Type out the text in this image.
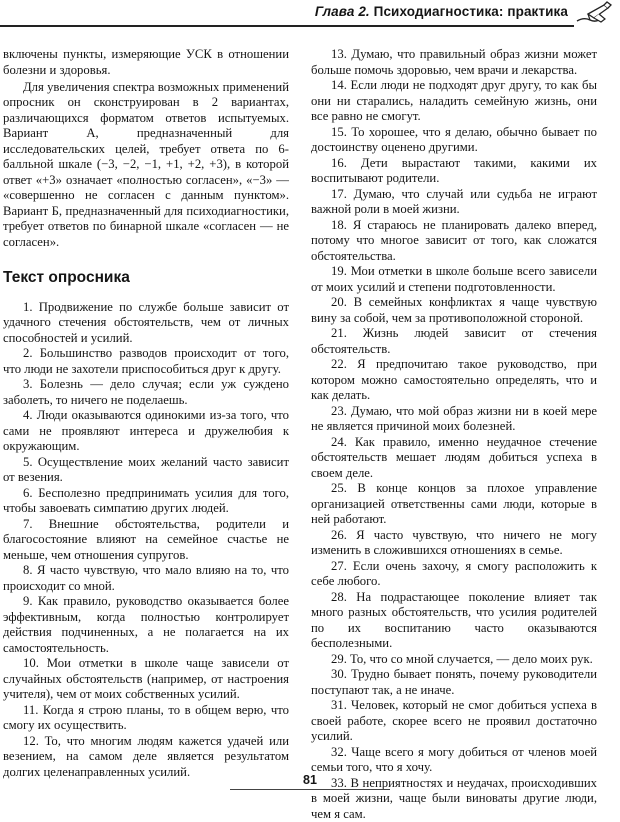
Глава 2. Психодиагностика: практика

включены пункты, измеряющие УСК в отношении болезни и здоровья.

Для увеличения спектра возможных применений опросник он сконструирован в 2 вариантах, различающихся форматом ответов испытуемых. Вариант А, предназначенный для исследовательских целей, требует ответа по 6-балльной шкале (−3, −2, −1, +1, +2, +3), в которой ответ «+3» означает «полностью согласен», «−3» — «совершенно не согласен с данным пунктом». Вариант Б, предназначенный для психодиагностики, требует ответов по бинарной шкале «согласен — не согласен».

Текст опросника

1. Продвижение по службе больше зависит от удачного стечения обстоятельств, чем от личных способностей и усилий.

2. Большинство разводов происходит от того, что люди не захотели приспособиться друг к другу.

3. Болезнь — дело случая; если уж суждено заболеть, то ничего не поделаешь.

4. Люди оказываются одинокими из-за того, что сами не проявляют интереса и дружелюбия к окружающим.

5. Осуществление моих желаний часто зависит от везения.

6. Бесполезно предпринимать усилия для того, чтобы завоевать симпатию других людей.

7. Внешние обстоятельства, родители и благосостояние влияют на семейное счастье не меньше, чем отношения супругов.

8. Я часто чувствую, что мало влияю на то, что происходит со мной.

9. Как правило, руководство оказывается более эффективным, когда полностью контролирует действия подчиненных, а не полагается на их самостоятельность.

10. Мои отметки в школе чаще зависели от случайных обстоятельств (например, от настроения учителя), чем от моих собственных усилий.

11. Когда я строю планы, то в общем верю, что смогу их осуществить.

12. То, что многим людям кажется удачей или везением, на самом деле является результатом долгих целенаправленных усилий.

13. Думаю, что правильный образ жизни может больше помочь здоровью, чем врачи и лекарства.

14. Если люди не подходят друг другу, то как бы они ни старались, наладить семейную жизнь, они все равно не смогут.

15. То хорошее, что я делаю, обычно бывает по достоинству оценено другими.

16. Дети вырастают такими, какими их воспитывают родители.

17. Думаю, что случай или судьба не играют важной роли в моей жизни.

18. Я стараюсь не планировать далеко вперед, потому что многое зависит от того, как сложатся обстоятельства.

19. Мои отметки в школе больше всего зависели от моих усилий и степени подготовленности.

20. В семейных конфликтах я чаще чувствую вину за собой, чем за противоположной стороной.

21. Жизнь людей зависит от стечения обстоятельств.

22. Я предпочитаю такое руководство, при котором можно самостоятельно определять, что и как делать.

23. Думаю, что мой образ жизни ни в коей мере не является причиной моих болезней.

24. Как правило, именно неудачное стечение обстоятельств мешает людям добиться успеха в своем деле.

25. В конце концов за плохое управление организацией ответственны сами люди, которые в ней работают.

26. Я часто чувствую, что ничего не могу изменить в сложившихся отношениях в семье.

27. Если очень захочу, я смогу расположить к себе любого.

28. На подрастающее поколение влияет так много разных обстоятельств, что усилия родителей по их воспитанию часто оказываются бесполезными.

29. То, что со мной случается, — дело моих рук.

30. Трудно бывает понять, почему руководители поступают так, а не иначе.

31. Человек, который не смог добиться успеха в своей работе, скорее всего не проявил достаточно усилий.

32. Чаще всего я могу добиться от членов моей семьи того, что я хочу.

33. В неприятностях и неудачах, происходивших в моей жизни, чаще были виноваты другие люди, чем я сам.

81
